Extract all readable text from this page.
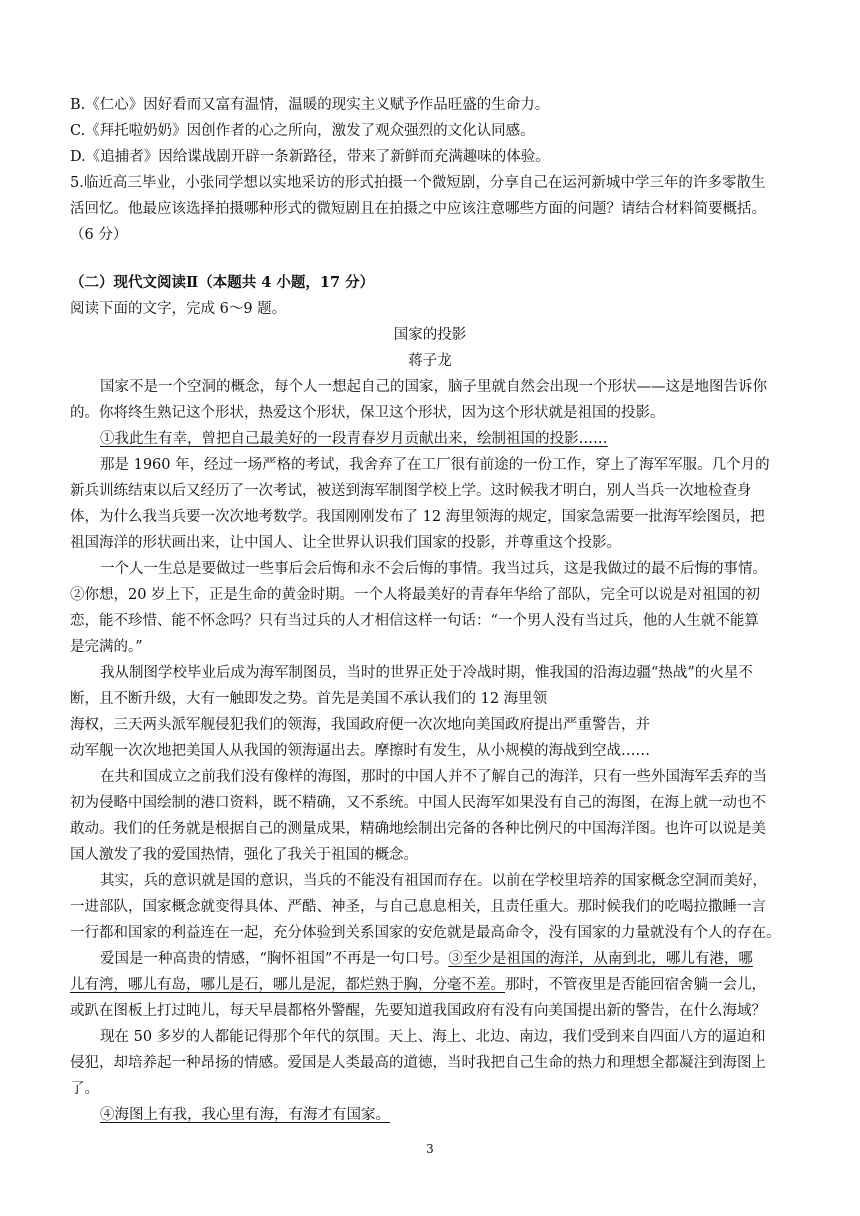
B.《仁心》因好看而又富有温情，温暖的现实主义赋予作品旺盛的生命力。
C.《拜托啦奶奶》因创作者的心之所向，激发了观众强烈的文化认同感。
D.《追捕者》因给谍战剧开辟一条新路径，带来了新鲜而充满趣味的体验。
5.临近高三毕业，小张同学想以实地采访的形式拍摄一个微短剧，分享自己在运河新城中学三年的许多零散生
活回忆。他最应该选择拍摄哪种形式的微短剧且在拍摄之中应该注意哪些方面的问题？请结合材料简要概括。
（6 分）
（二）现代文阅读Ⅱ（本题共 4 小题，17 分）
阅读下面的文字，完成 6～9 题。
国家的投影
蒋子龙
国家不是一个空洞的概念，每个人一想起自己的国家，脑子里就自然会出现一个形状——这是地图告诉你
的。你将终生熟记这个形状，热爱这个形状，保卫这个形状，因为这个形状就是祖国的投影。
①我此生有幸，曾把自己最美好的一段青春岁月贡献出来，绘制祖国的投影……
那是 1960 年，经过一场严格的考试，我舍弃了在工厂很有前途的一份工作，穿上了海军军服。几个月的
新兵训练结束以后又经历了一次考试，被送到海军制图学校上学。这时候我才明白，别人当兵一次地检查身
体，为什么我当兵要一次次地考数学。我国刚刚发布了 12 海里领海的规定，国家急需要一批海军绘图员，把
祖国海洋的形状画出来，让中国人、让全世界认识我们国家的投影，并尊重这个投影。
一个人一生总是要做过一些事后会后悔和永不会后悔的事情。我当过兵，这是我做过的最不后悔的事情。
②你想，20 岁上下，正是生命的黄金时期。一个人将最美好的青春年华给了部队，完全可以说是对祖国的初
恋，能不珍惜、能不怀念吗？只有当过兵的人才相信这样一句话：“一个男人没有当过兵，他的人生就不能算
是完满的。”
我从制图学校毕业后成为海军制图员，当时的世界正处于冷战时期，惟我国的沿海边疆“热战”的火星不
断，且不断升级，大有一触即发之势。首先是美国不承认我们的 12 海里领
海权，三天两头派军舰侵犯我们的领海，我国政府便一次次地向美国政府提出严重警告，并
动军舰一次次地把美国人从我国的领海逼出去。摩擦时有发生，从小规模的海战到空战……
在共和国成立之前我们没有像样的海图，那时的中国人并不了解自己的海洋，只有一些外国海军丢弃的当
初为侵略中国绘制的港口资料，既不精确，又不系统。中国人民海军如果没有自己的海图，在海上就一动也不
敢动。我们的任务就是根据自己的测量成果，精确地绘制出完备的各种比例尺的中国海洋图。也许可以说是美
国人激发了我的爱国热情，强化了我关于祖国的概念。
其实，兵的意识就是国的意识，当兵的不能没有祖国而存在。以前在学校里培养的国家概念空洞而美好，
一进部队，国家概念就变得具体、严酷、神圣，与自己息息相关，且责任重大。那时候我们的吃喝拉撒睡一言
一行都和国家的利益连在一起，充分体验到关系国家的安危就是最高命令，没有国家的力量就没有个人的存在。
爱国是一种高贵的情感，“胸怀祖国”不再是一句口号。③至少是祖国的海洋，从南到北，哪儿有港，哪
儿有湾，哪儿有岛，哪儿是石，哪儿是泥，都烂熟于胸，分毫不差。那时，不管夜里是否能回宿舍躺一会儿，
或趴在图板上打过盹儿，每天早晨都格外警醒，先要知道我国政府有没有向美国提出新的警告，在什么海域？
现在 50 多岁的人都能记得那个年代的氛围。天上、海上、北边、南边，我们受到来自四面八方的逼迫和
侵犯，却培养起一种昂扬的情感。爱国是人类最高的道德，当时我把自己生命的热力和理想全都凝注到海图上
了。
④海图上有我，我心里有海，有海才有国家。
3
